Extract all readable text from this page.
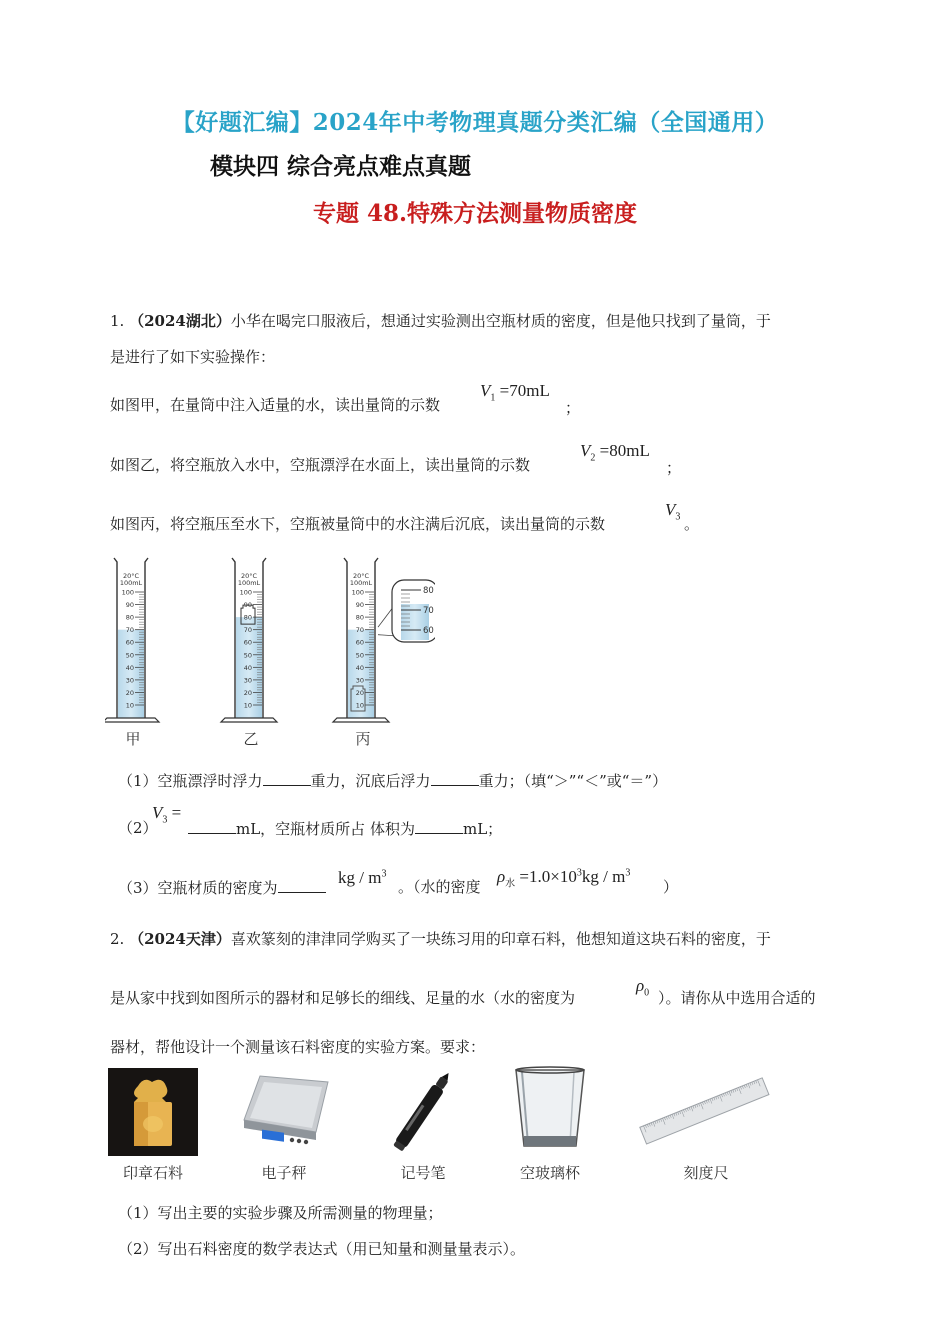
【好题汇编】2024年中考物理真题分类汇编（全国通用）
模块四 综合亮点难点真题
专题 48.特殊方法测量物质密度
1. （2024湖北）小华在喝完口服液后，想通过实验测出空瓶材质的密度，但是他只找到了量筒，于
是进行了如下实验操作：
如图甲，在量筒中注入适量的水，读出量筒的示数
$V_1 =70mL$
；
如图乙，将空瓶放入水中，空瓶漂浮在水面上，读出量筒的示数
$V_2 =80mL$
；
如图丙，将空瓶压至水下，空瓶被量筒中的水注满后沉底，读出量筒的示数
$V_3$ 。
20°C
100mL
100
90
80
70
60
50
40
30
20
10
20°C
100mL
100
90
80
70
60
50
40
30
20
10
20°C
100mL
100
90
80
70
60
50
40
30
20
10
80
70
60
甲	乙	丙
（1）空瓶漂浮时浮力	重力，沉底后浮力	重力；（填“＞”“＜”或“＝”）
（2）
$V_3$ =
mL，空瓶材质所占 体积为	mL；
（3）空瓶材质的密度为
kg / $m^3$
。（水的密度
$\rho_水 =1.0\times 10^3kg / m^3$
）
2. （2024天津）喜欢篆刻的津津同学购买了一块练习用的印章石料，他想知道这块石料的密度，于
是从家中找到如图所示的器材和足够长的细线、足量的水（水的密度为
$\rho_0$ ）。请你从中选用合适的
器材，帮他设计一个测量该石料密度的实验方案。要求：
印章石料	电子秤	记号笔	空玻璃杯	刻度尺
（1）写出主要的实验步骤及所需测量的物理量；
（2）写出石料密度的数学表达式（用已知量和测量量表示）。
